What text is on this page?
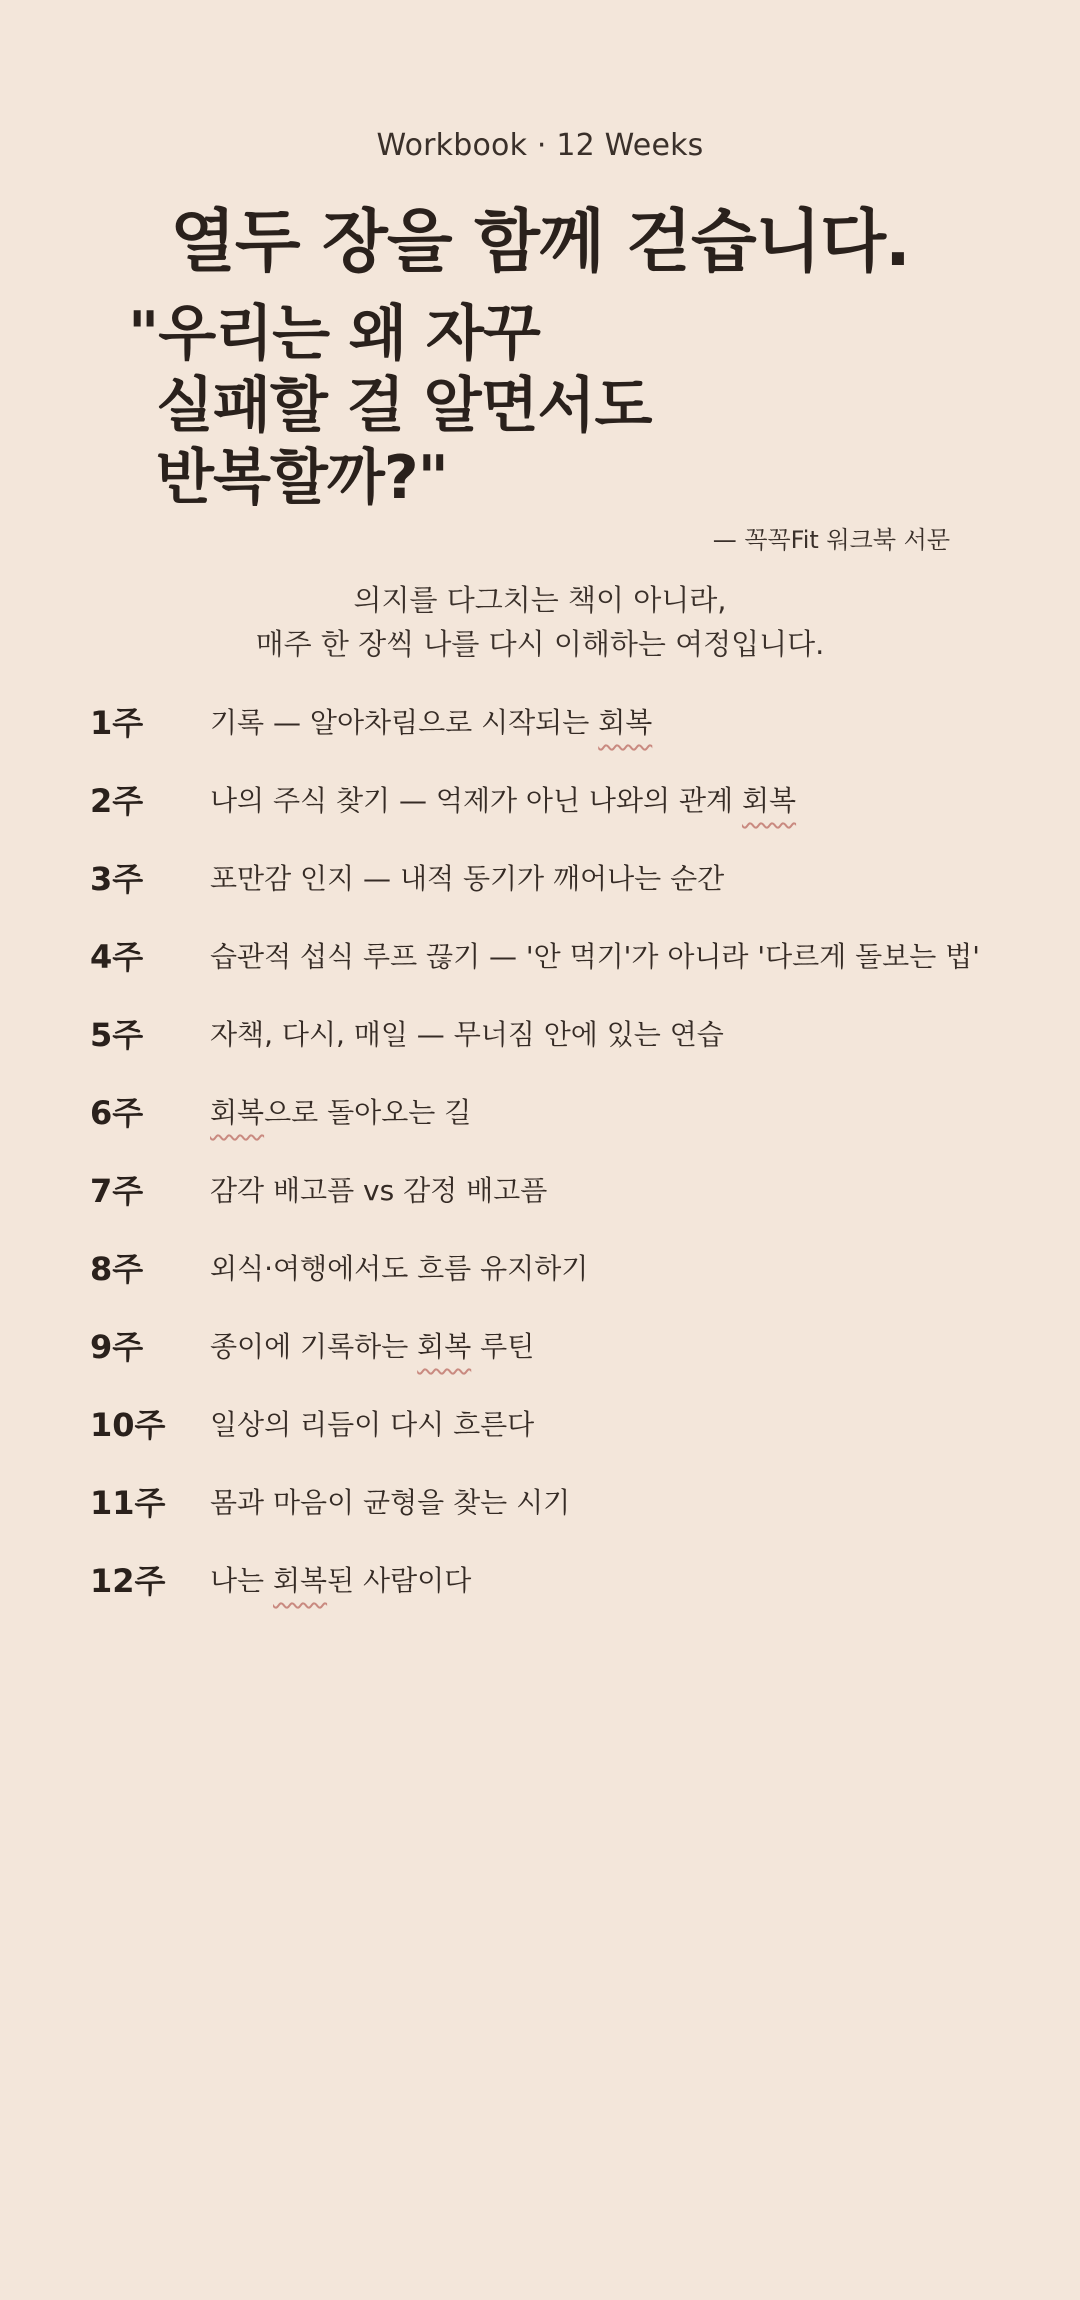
Workbook · 12 Weeks
열두 장을 함께 걷습니다.
"우리는 왜 자꾸
실패할 걸 알면서도
반복할까?"
— 꼭꼭Fit 워크북 서문
의지를 다그치는 책이 아니라,
매주 한 장씩 나를 다시 이해하는 여정입니다.
1주	기록 — 알아차림으로 시작되는 회복
2주	나의 주식 찾기 — 억제가 아닌 나와의 관계 회복
3주	포만감 인지 — 내적 동기가 깨어나는 순간
4주	습관적 섭식 루프 끊기 — '안 먹기'가 아니라 '다르게 돌보는 법'
5주	자책, 다시, 매일 — 무너짐 안에 있는 연습
6주	회복으로 돌아오는 길
7주	감각 배고픔 vs 감정 배고픔
8주	외식·여행에서도 흐름 유지하기
9주	종이에 기록하는 회복 루틴
10주	일상의 리듬이 다시 흐른다
11주	몸과 마음이 균형을 찾는 시기
12주	나는 회복된 사람이다
